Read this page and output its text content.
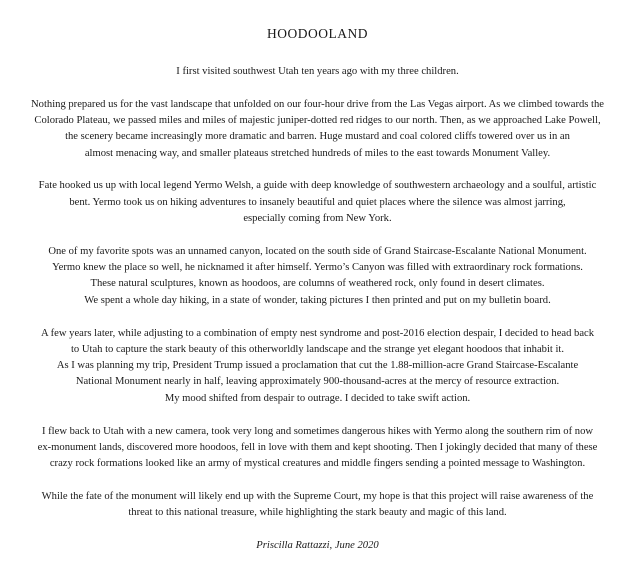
HOODOOLAND

I first visited southwest Utah ten years ago with my three children.

Nothing prepared us for the vast landscape that unfolded on our four-hour drive from the Las Vegas airport. As we climbed towards the
Colorado Plateau, we passed miles and miles of majestic juniper-dotted red ridges to our north. Then, as we approached Lake Powell,
the scenery became increasingly more dramatic and barren. Huge mustard and coal colored cliffs towered over us in an
almost menacing way, and smaller plateaus stretched hundreds of miles to the east towards Monument Valley.

Fate hooked us up with local legend Yermo Welsh, a guide with deep knowledge of southwestern archaeology and a soulful, artistic
bent. Yermo took us on hiking adventures to insanely beautiful and quiet places where the silence was almost jarring,
especially coming from New York.

One of my favorite spots was an unnamed canyon, located on the south side of Grand Staircase-Escalante National Monument.
Yermo knew the place so well, he nicknamed it after himself. Yermo’s Canyon was filled with extraordinary rock formations.
These natural sculptures, known as hoodoos, are columns of weathered rock, only found in desert climates.
We spent a whole day hiking, in a state of wonder, taking pictures I then printed and put on my bulletin board.

A few years later, while adjusting to a combination of empty nest syndrome and post-2016 election despair, I decided to head back
to Utah to capture the stark beauty of this otherworldly landscape and the strange yet elegant hoodoos that inhabit it.
As I was planning my trip, President Trump issued a proclamation that cut the 1.88-million-acre Grand Staircase-Escalante
National Monument nearly in half, leaving approximately 900-thousand-acres at the mercy of resource extraction.
My mood shifted from despair to outrage. I decided to take swift action.

I flew back to Utah with a new camera, took very long and sometimes dangerous hikes with Yermo along the southern rim of now
ex-monument lands, discovered more hoodoos, fell in love with them and kept shooting. Then I jokingly decided that many of these
crazy rock formations looked like an army of mystical creatures and middle fingers sending a pointed message to Washington.

While the fate of the monument will likely end up with the Supreme Court, my hope is that this project will raise awareness of the
threat to this national treasure, while highlighting the stark beauty and magic of this land.

Priscilla Rattazzi, June 2020
